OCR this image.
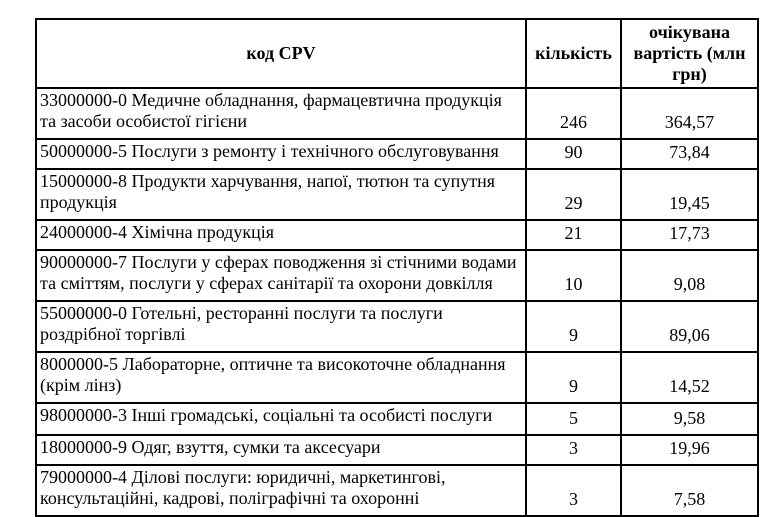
код CPV	кількість	очікувана вартість (млн грн)
33000000-0 Медичне обладнання, фармацевтична продукція та засоби особистої гігієни	246	364,57
50000000-5 Послуги з ремонту і технічного обслуговування	90	73,84
15000000-8 Продукти харчування, напої, тютюн та супутня продукція	29	19,45
24000000-4 Хімічна продукція	21	17,73
90000000-7 Послуги у сферах поводження зі стічними водами та сміттям, послуги у сферах санітарії та охорони довкілля	10	9,08
55000000-0 Готельні, ресторанні послуги та послуги роздрібної торгівлі	9	89,06
8000000-5 Лабораторне, оптичне та високоточне обладнання (крім лінз)	9	14,52
98000000-3 Інші громадські, соціальні та особисті послуги	5	9,58
18000000-9 Одяг, взуття, сумки та аксесуари	3	19,96
79000000-4 Ділові послуги: юридичні, маркетингові, консультаційні, кадрові, поліграфічні та охоронні	3	7,58
